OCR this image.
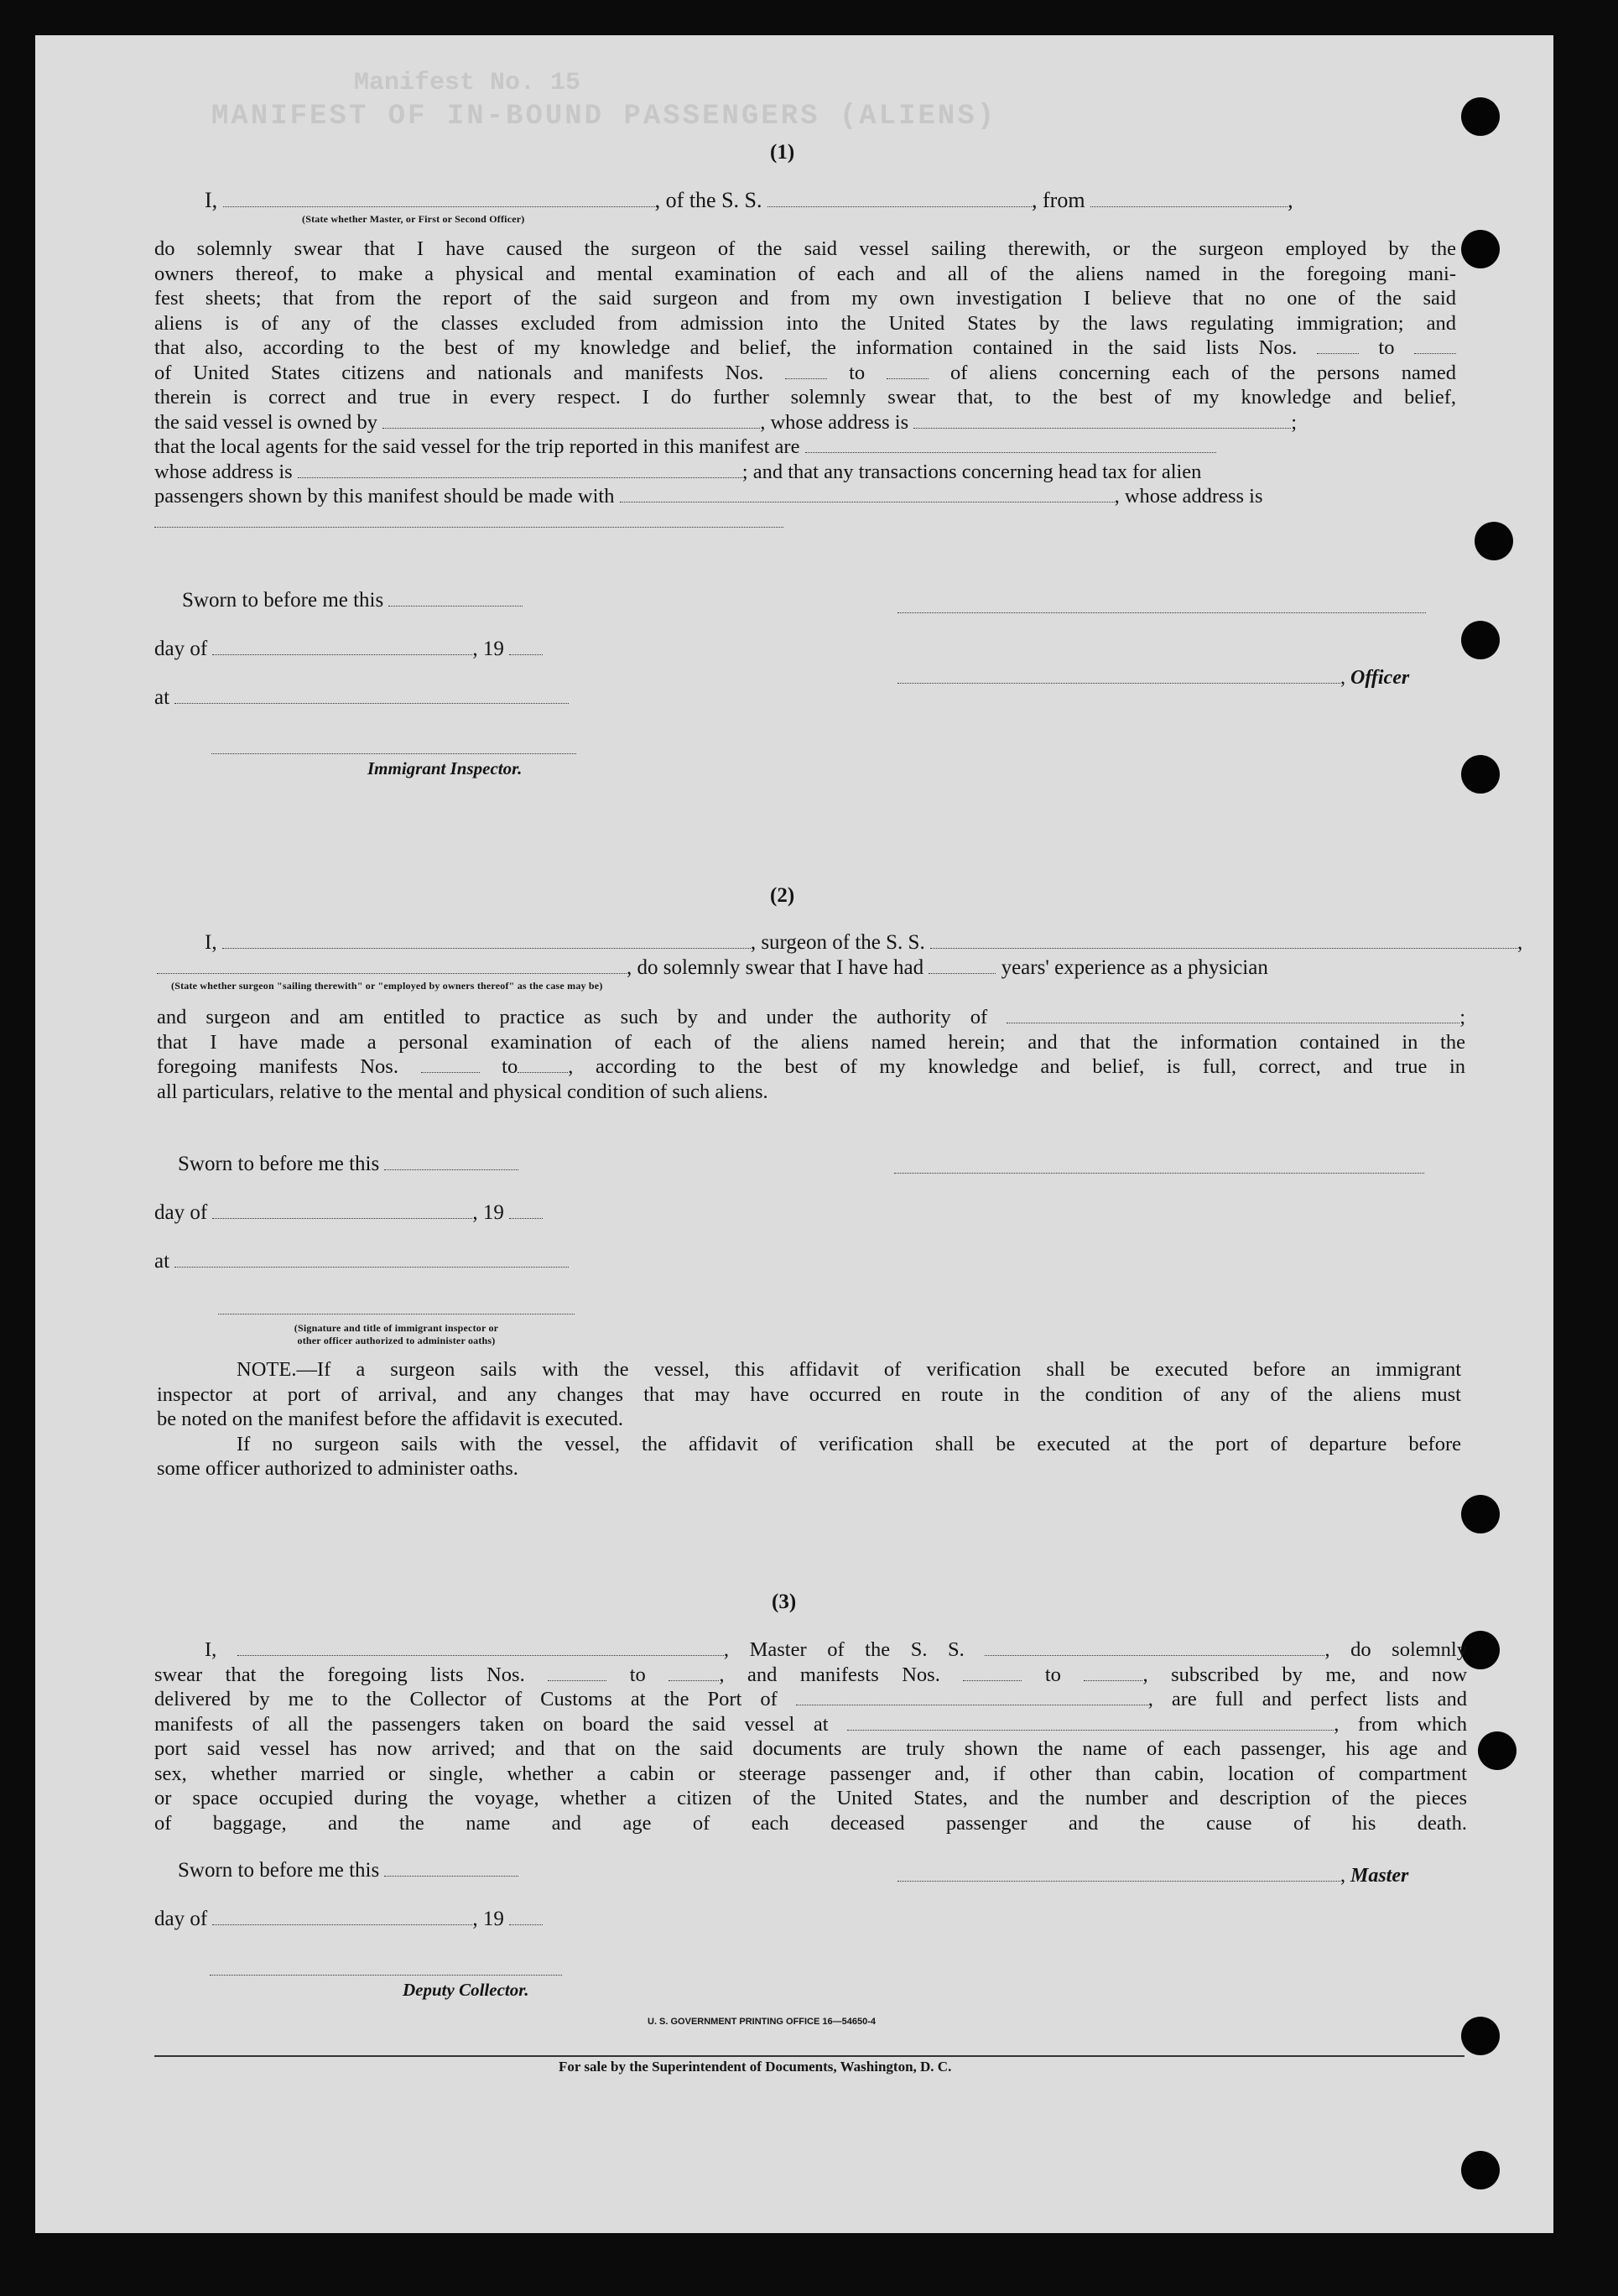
Manifest No. 15
MANIFEST OF IN-BOUND PASSENGERS (ALIENS)
(1)
I,	, of the S. S.	, from	,
(State whether Master, or First or Second Officer)

do solemnly swear that I have caused the surgeon of the said vessel sailing therewith, or the surgeon employed by the

owners thereof, to make a physical and mental examination of each and all of the aliens named in the foregoing mani-

fest sheets; that from the report of the said surgeon and from my own investigation I believe that no one of the said

aliens is of any of the classes excluded from admission into the United States by the laws regulating immigration; and

that also, according to the best of my knowledge and belief, the information contained in the said lists Nos.	to

of United States citizens and nationals and manifests Nos.	to	of aliens concerning each of the persons named

therein is correct and true in every respect. I do further solemnly swear that, to the best of my knowledge and belief,

the said vessel is owned by	, whose address is	;

that the local agents for the said vessel for the trip reported in this manifest are

whose address is	; and that any transactions concerning head tax for alien

passengers shown by this manifest should be made with	, whose address is

Sworn to before me this
day of	, 19
at
Immigrant Inspector.
, Officer
(2)
I,	, surgeon of the S. S.	,
, do solemnly swear that I have had	years' experience as a physician
(State whether surgeon "sailing therewith" or "employed by owners thereof" as the case may be)

and surgeon and am entitled to practice as such by and under the authority of	;

that I have made a personal examination of each of the aliens named herein; and that the information contained in the

foregoing manifests Nos.	to , according to the best of my knowledge and belief, is full, correct, and true in

all particulars, relative to the mental and physical condition of such aliens.

Sworn to before me this
day of	, 19
at
(Signature and title of immigrant inspector or
other officer authorized to administer oaths)

NOTE.—If a surgeon sails with the vessel, this affidavit of verification shall be executed before an immigrant

inspector at port of arrival, and any changes that may have occurred en route in the condition of any of the aliens must

be noted on the manifest before the affidavit is executed.

If no surgeon sails with the vessel, the affidavit of verification shall be executed at the port of departure before

some officer authorized to administer oaths.

(3)

I,	, Master of the S. S.	, do solemnly

swear that the foregoing lists Nos.	to	, and manifests Nos.	to	, subscribed by me, and now

delivered by me to the Collector of Customs at the Port of	, are full and perfect lists and

manifests of all the passengers taken on board the said vessel at	, from which

port said vessel has now arrived; and that on the said documents are truly shown the name of each passenger, his age and

sex, whether married or single, whether a cabin or steerage passenger and, if other than cabin, location of compartment

or space occupied during the voyage, whether a citizen of the United States, and the number and description of the pieces

of baggage, and the name and age of each deceased passenger and the cause of his death.

Sworn to before me this
day of	, 19
, Master
Deputy Collector.
U. S. GOVERNMENT PRINTING OFFICE 16—54650-4
For sale by the Superintendent of Documents, Washington, D. C.
